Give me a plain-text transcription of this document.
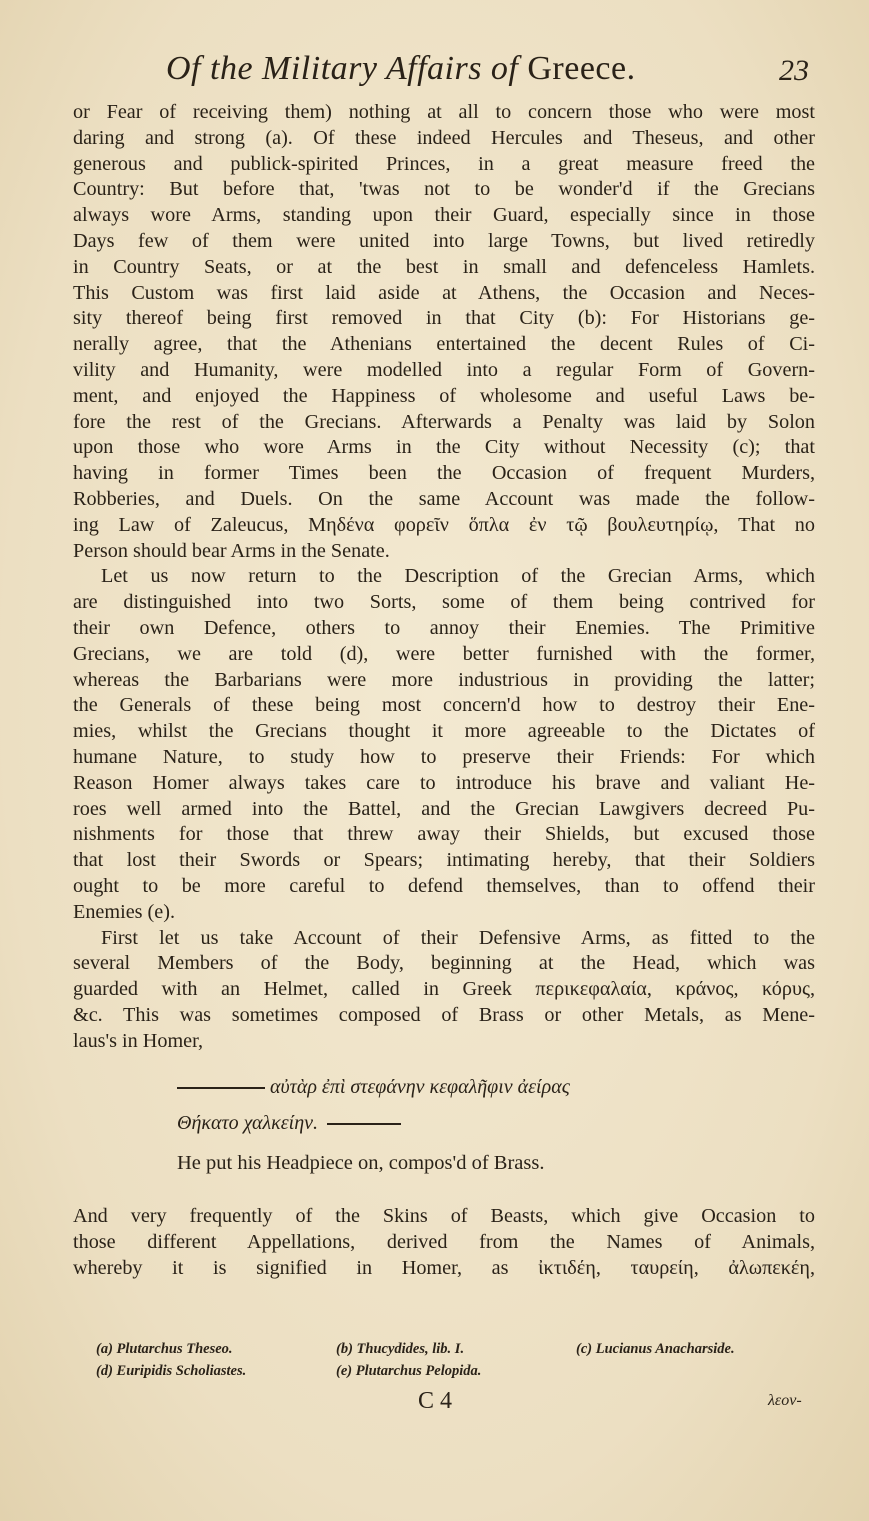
Of the Military Affairs of Greece.	23
or Fear of receiving them) nothing at all to concern those who were most
daring and strong (a). Of these indeed Hercules and Theseus, and other
generous and publick-spirited Princes, in a great measure freed the
Country: But before that, 'twas not to be wonder'd if the Grecians
always wore Arms, standing upon their Guard, especially since in those
Days few of them were united into large Towns, but lived retiredly
in Country Seats, or at the best in small and defenceless Hamlets.
This Custom was first laid aside at Athens, the Occasion and Neces-
sity thereof being first removed in that City (b): For Historians ge-
nerally agree, that the Athenians entertained the decent Rules of Ci-
vility and Humanity, were modelled into a regular Form of Govern-
ment, and enjoyed the Happiness of wholesome and useful Laws be-
fore the rest of the Grecians. Afterwards a Penalty was laid by Solon
upon those who wore Arms in the City without Necessity (c); that
having in former Times been the Occasion of frequent Murders,
Robberies, and Duels. On the same Account was made the follow-
ing Law of Zaleucus, Μηδένα φορεῖν ὅπλα ἐν τῷ βουλευτηρίῳ, That no
Person should bear Arms in the Senate.
Let us now return to the Description of the Grecian Arms, which
are distinguished into two Sorts, some of them being contrived for
their own Defence, others to annoy their Enemies. The Primitive
Grecians, we are told (d), were better furnished with the former,
whereas the Barbarians were more industrious in providing the latter;
the Generals of these being most concern'd how to destroy their Ene-
mies, whilst the Grecians thought it more agreeable to the Dictates of
humane Nature, to study how to preserve their Friends: For which
Reason Homer always takes care to introduce his brave and valiant He-
roes well armed into the Battel, and the Grecian Lawgivers decreed Pu-
nishments for those that threw away their Shields, but excused those
that lost their Swords or Spears; intimating hereby, that their Soldiers
ought to be more careful to defend themselves, than to offend their
Enemies (e).
First let us take Account of their Defensive Arms, as fitted to the
several Members of the Body, beginning at the Head, which was
guarded with an Helmet, called in Greek περικεφαλαία, κράνος, κόρυς,
&c. This was sometimes composed of Brass or other Metals, as Mene-
laus's in Homer,
αὐτὰρ ἐπὶ στεφάνην κεφαλῆφιν ἀείρας
Θήκατο χαλκείην.
He put his Headpiece on, compos'd of Brass.
And very frequently of the Skins of Beasts, which give Occasion to
those different Appellations, derived from the Names of Animals,
whereby it is signified in Homer, as ἰκτιδέη, ταυρείη, ἀλωπεκέη,
(a) Plutarchus Theseo.	(b) Thucydides, lib. I.	(c) Lucianus Anacharside.
(d) Euripidis Scholiastes.	(e) Plutarchus Pelopida.
C 4	λεον-
